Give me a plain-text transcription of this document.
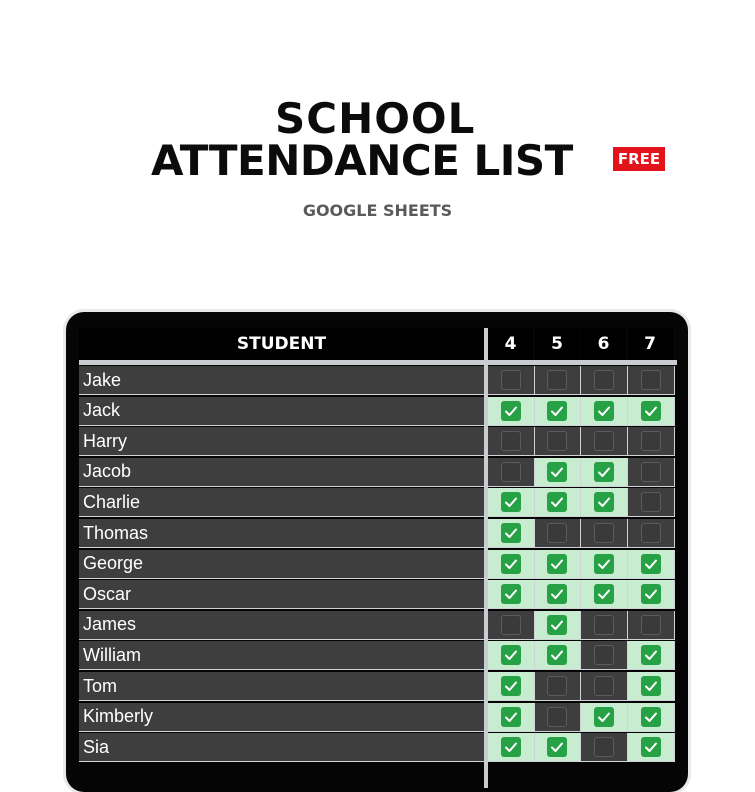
SCHOOL
ATTENDANCE LIST	FREE
GOOGLE SHEETS
STUDENT	4	5	6	7
Jake
Jack
Harry
Jacob
Charlie
Thomas
George
Oscar
James
William
Tom
Kimberly
Sia
